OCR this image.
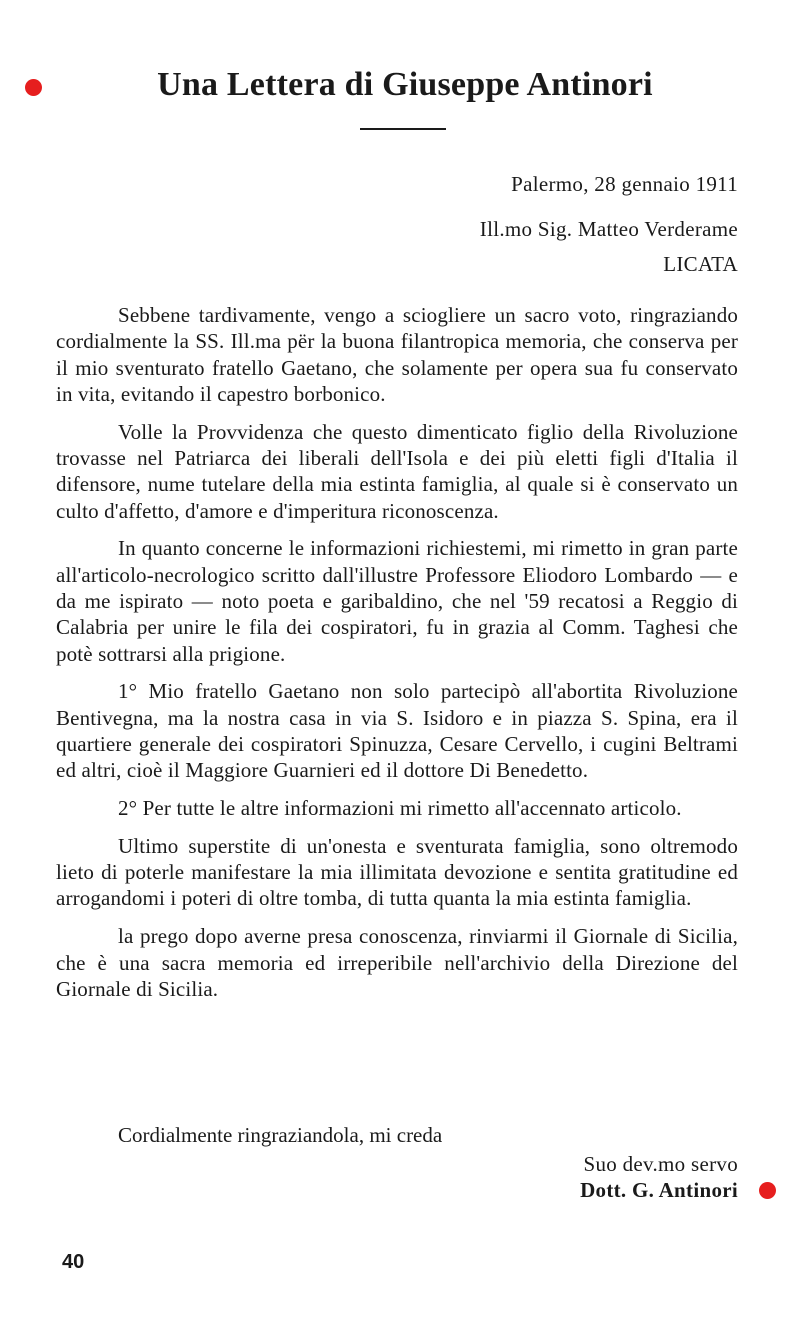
Una Lettera di Giuseppe Antinori
Palermo, 28 gennaio 1911
Ill.mo Sig. Matteo Verderame
LICATA

Sebbene tardivamente, vengo a sciogliere un sacro voto, ringraziando cordialmente la SS. Ill.ma për la buona filantropica memoria, che conserva per il mio sventurato fratello Gaetano, che solamente per opera sua fu conservato in vita, evitando il capestro borbonico.

Volle la Provvidenza che questo dimenticato figlio della Rivoluzione trovasse nel Patriarca dei liberali dell'Isola e dei più eletti figli d'Italia il difensore, nume tutelare della mia estinta famiglia, al quale si è conservato un culto d'affetto, d'amore e d'imperitura riconoscenza.

In quanto concerne le informazioni richiestemi, mi rimetto in gran parte all'articolo-necrologico scritto dall'illustre Professore Eliodoro Lombardo — e da me ispirato — noto poeta e garibaldino, che nel '59 recatosi a Reggio di Calabria per unire le fila dei cospiratori, fu in grazia al Comm. Taghesi che potè sottrarsi alla prigione.

1° Mio fratello Gaetano non solo partecipò all'abortita Rivoluzione Bentivegna, ma la nostra casa in via S. Isidoro e in piazza S. Spina, era il quartiere generale dei cospiratori Spinuzza, Cesare Cervello, i cugini Beltrami ed altri, cioè il Maggiore Guarnieri ed il dottore Di Benedetto.

2° Per tutte le altre informazioni mi rimetto all'accennato articolo.

Ultimo superstite di un'onesta e sventurata famiglia, sono oltremodo lieto di poterle manifestare la mia illimitata devozione e sentita gratitudine ed arrogandomi i poteri di oltre tomba, di tutta quanta la mia estinta famiglia.

la prego dopo averne presa conoscenza, rinviarmi il Giornale di Sicilia, che è una sacra memoria ed irreperibile nell'archivio della Direzione del Giornale di Sicilia.

Cordialmente ringraziandola, mi creda
Suo dev.mo servo
Dott. G. Antinori
40
